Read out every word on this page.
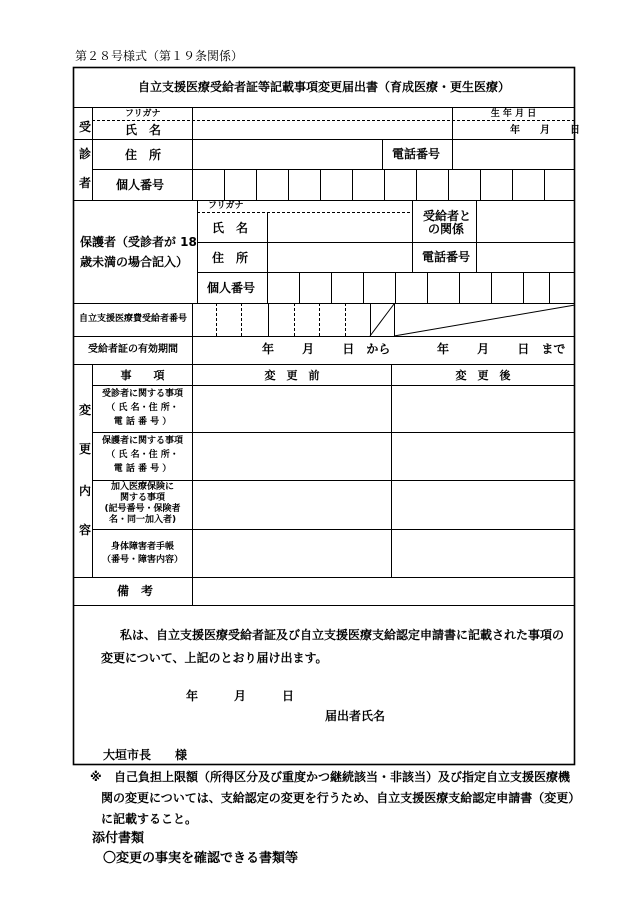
第２８号様式（第１９条関係）
自立支援医療受給者証等記載事項変更届出書（育成医療・更生医療）
受
診
者
フリガナ
氏　名
生 年 月 日
年　　月　　日
住　所	電話番号
個人番号
保護者（受診者が 18
歳未満の場合記入）
フリガナ
氏　名
受給者と
の関係
住　所	電話番号
個人番号
自立支援医療費受給者番号
受給者証の有効期間	年　　 月　　 日　から	年　　 月　　 日　まで
変
更
内
容
事　　項	変　更　前	変　更　後
受診者に関する事項
（ 氏 名・住 所・
電 話 番 号 ）
保護者に関する事項
（ 氏 名・住 所・
電 話 番 号 ）
加入医療保険に
関する事項
(記号番号・保険者
名・同一加入者)
身体障害者手帳
（番号・障害内容）
備　考
私は、自立支援医療受給者証及び自立支援医療支給認定申請書に記載された事項の
変更について、上記のとおり届け出ます。
年　　　月　　　日
届出者氏名
大垣市長　　様
※ 自己負担上限額（所得区分及び重度かつ継続該当・非該当）及び指定自立支援医療機
関の変更については、支給認定の変更を行うため、自立支援医療支給認定申請書（変更）
に記載すること。
添付書類
〇変更の事実を確認できる書類等
